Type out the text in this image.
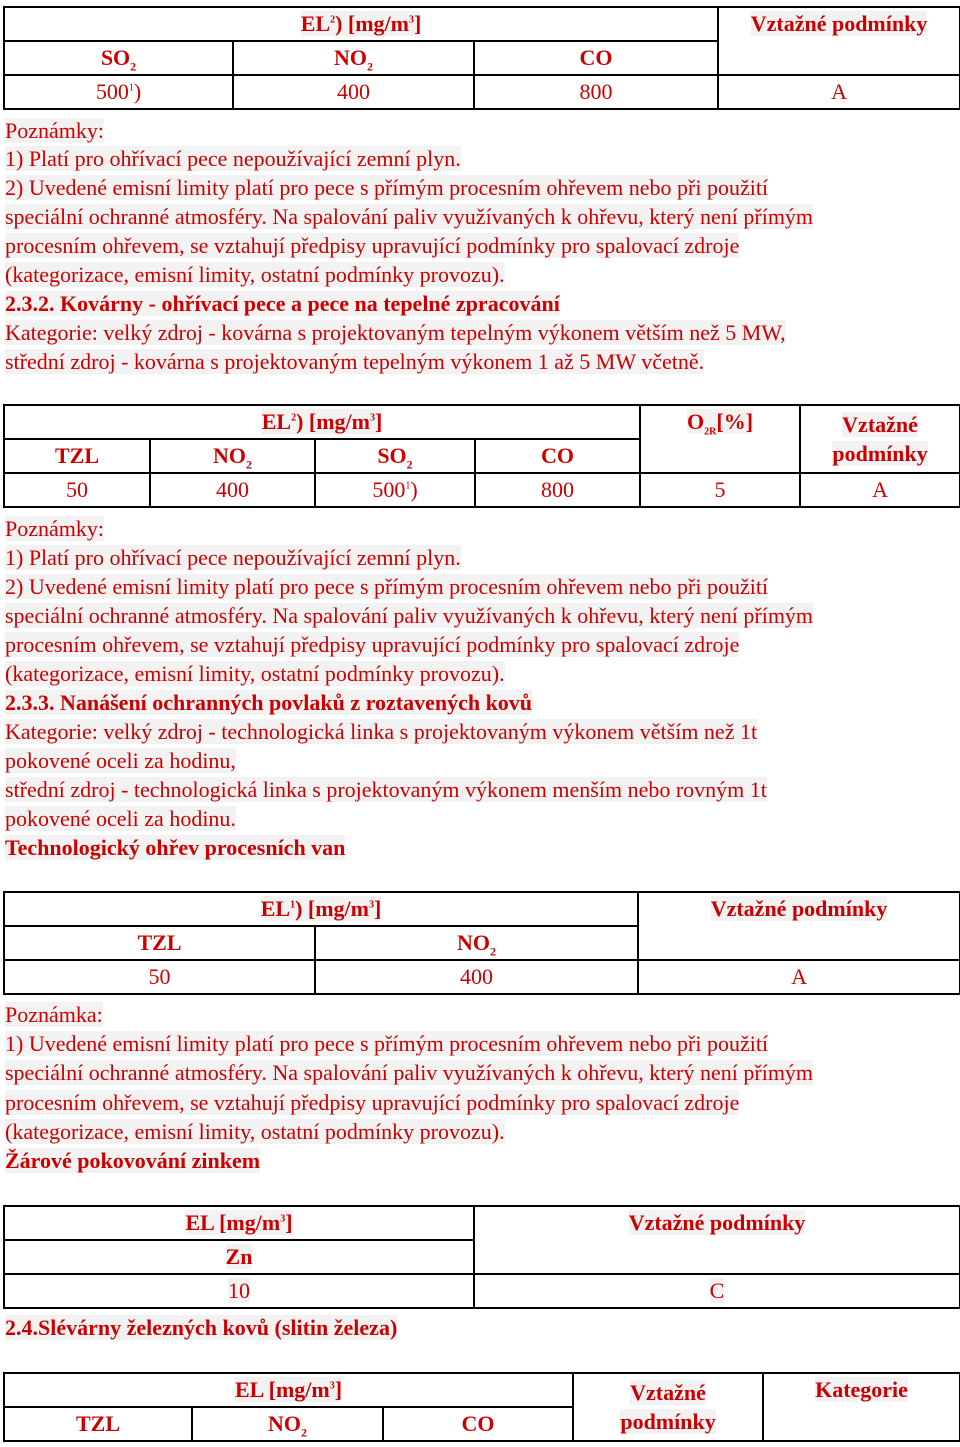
$EL^2$) $[mg/m^3]$			Vztažné podmínky
$SO_2$	$NO_2$	CO	
$500^1$)	400	800	A
Poznámky:
1) Platí pro ohřívací pece nepoužívající zemní plyn.
2) Uvedené emisní limity platí pro pece s přímým procesním ohřevem nebo při použití
speciální ochranné atmosféry. Na spalování paliv využívaných k ohřevu, který není přímým
procesním ohřevem, se vztahují předpisy upravující podmínky pro spalovací zdroje
(kategorizace, emisní limity, ostatní podmínky provozu).
2.3.2. Kovárny - ohřívací pece a pece na tepelné zpracování
Kategorie: velký zdroj - kovárna s projektovaným tepelným výkonem větším než 5 MW,
střední zdroj - kovárna s projektovaným tepelným výkonem 1 až 5 MW včetně.
$EL^2$) $[mg/m^3]$				$O_{2R}[\%]$	Vztažné
podmínky
TZL	$NO_2$	$SO_2$	CO		
50	400	$500^1$)	800	5	A
Poznámky:
1) Platí pro ohřívací pece nepoužívající zemní plyn.
2) Uvedené emisní limity platí pro pece s přímým procesním ohřevem nebo při použití
speciální ochranné atmosféry. Na spalování paliv využívaných k ohřevu, který není přímým
procesním ohřevem, se vztahují předpisy upravující podmínky pro spalovací zdroje
(kategorizace, emisní limity, ostatní podmínky provozu).
2.3.3. Nanášení ochranných povlaků z roztavených kovů
Kategorie: velký zdroj - technologická linka s projektovaným výkonem větším než 1t
pokovené oceli za hodinu,
střední zdroj - technologická linka s projektovaným výkonem menším nebo rovným 1t
pokovené oceli za hodinu.
Technologický ohřev procesních van
$EL^1$) $[mg/m^3]$		Vztažné podmínky
TZL	$NO_2$
50	400	A
Poznámka:
1) Uvedené emisní limity platí pro pece s přímým procesním ohřevem nebo při použití
speciální ochranné atmosféry. Na spalování paliv využívaných k ohřevu, který není přímým
procesním ohřevem, se vztahují předpisy upravující podmínky pro spalovací zdroje
(kategorizace, emisní limity, ostatní podmínky provozu).
Žárové pokovování zinkem
EL $[mg/m^3]$	Vztažné podmínky
Zn	
10	C
2.4.Slévárny železných kovů (slitin železa)
EL $[mg/m^3]$			Vztažné
podmínky	Kategorie
TZL	$NO_2$	CO		
